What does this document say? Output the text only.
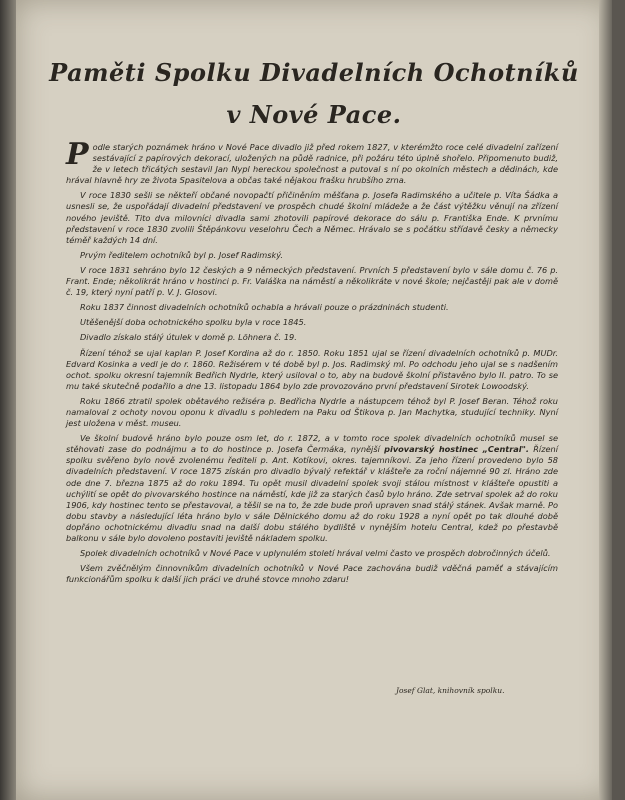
Paměti Spolku Divadelních Ochotníků
v Nové Pace.

Podle starých poznámek hráno v Nové Pace divadlo již před rokem 1827, v kterémžto roce celé divadelní zařízení sestávající z papírových dekorací, uložených na půdě radnice, při požáru této úplně shořelo. Připomenuto budiž, že v letech třicátých sestavil Jan Nypl hereckou společnost a putoval s ní po okolních městech a dědinách, kde hrával hlavně hry ze života Spasitelova a občas také nějakou frašku hrubšího zrna.

V roce 1830 sešli se někteří občané novopačtí přičiněním měšťana p. Josefa Radimského a učitele p. Víta Šádka a usnesli se, že uspořádají divadelní představení ve prospěch chudé školní mládeže a že část výtěžku věnují na zřízení nového jeviště. Tito dva milovníci divadla sami zhotovili papírové dekorace do sálu p. Františka Ende. K prvnímu představení v roce 1830 zvolili Štěpánkovu veselohru Čech a Němec. Hrávalo se s počátku střídavě česky a německy téměř každých 14 dní.

Prvým ředitelem ochotníků byl p. Josef Radimský.

V roce 1831 sehráno bylo 12 českých a 9 německých představení. Prvních 5 představení bylo v sále domu č. 76 p. Frant. Ende; několikrát hráno v hostinci p. Fr. Valáška na náměstí a několikráte v nové škole; nejčastěji pak ale v domě č. 19, který nyní patří p. V. J. Glosovi.

Roku 1837 činnost divadelních ochotníků ochabla a hrávali pouze o prázdninách studenti.

Utěšenější doba ochotnického spolku byla v roce 1845.

Divadlo získalo stálý útulek v domě p. Löhnera č. 19.

Řízení téhož se ujal kaplan P. Josef Kordina až do r. 1850. Roku 1851 ujal se řízení divadelních ochotníků p. MUDr. Edvard Kosinka a vedl je do r. 1860. Režisérem v té době byl p. Jos. Radimský ml. Po odchodu jeho ujal se s nadšením ochot. spolku okresní tajemník Bedřich Nydrle, který usiloval o to, aby na budově školní přistavěno bylo II. patro. To se mu také skutečně podařilo a dne 13. listopadu 1864 bylo zde provozováno první představení Sirotek Lowoodský.

Roku 1866 ztratil spolek obětavého režiséra p. Bedřicha Nydrle a nástupcem téhož byl P. Josef Beran. Téhož roku namaloval z ochoty novou oponu k divadlu s pohledem na Paku od Štikova p. Jan Machytka, studující techniky. Nyní jest uložena v měst. museu.

Ve školní budově hráno bylo pouze osm let, do r. 1872, a v tomto roce spolek divadelních ochotníků musel se stěhovati zase do podnájmu a to do hostince p. Josefa Čermáka, nynější pivovarský hostinec „Central". Řízení spolku svěřeno bylo nově zvolenému řediteli p. Ant. Kotíkovi, okres. tajemníkovi. Za jeho řízení provedeno bylo 58 divadelních představení. V roce 1875 získán pro divadlo bývalý refektář v klášteře za roční nájemné 90 zl. Hráno zde ode dne 7. března 1875 až do roku 1894. Tu opět musil divadelní spolek svoji stálou místnost v klášteře opustiti a uchýlití se opět do pivovarského hostince na náměstí, kde již za starých časů bylo hráno. Zde setrval spolek až do roku 1906, kdy hostinec tento se přestavoval, a těšil se na to, že zde bude proň upraven snad stálý stánek. Avšak marně. Po dobu stavby a následující léta hráno bylo v sále Dělnického domu až do roku 1928 a nyní opět po tak dlouhé době dopřáno ochotnickému divadlu snad na další dobu stálého bydliště v nynějším hotelu Central, kdež po přestavbě balkonu v sále bylo dovoleno postaviti jeviště nákladem spolku.

Spolek divadelních ochotníků v Nové Pace v uplynulém století hrával velmi často ve prospěch dobročinných účelů.

Všem zvěčnělým činnovníkům divadelních ochotníků v Nové Pace zachována budiž vděčná paměť a stávajícím funkcionářům spolku k další jich práci ve druhé stovce mnoho zdaru!

Josef Glat, knihovník spolku.
